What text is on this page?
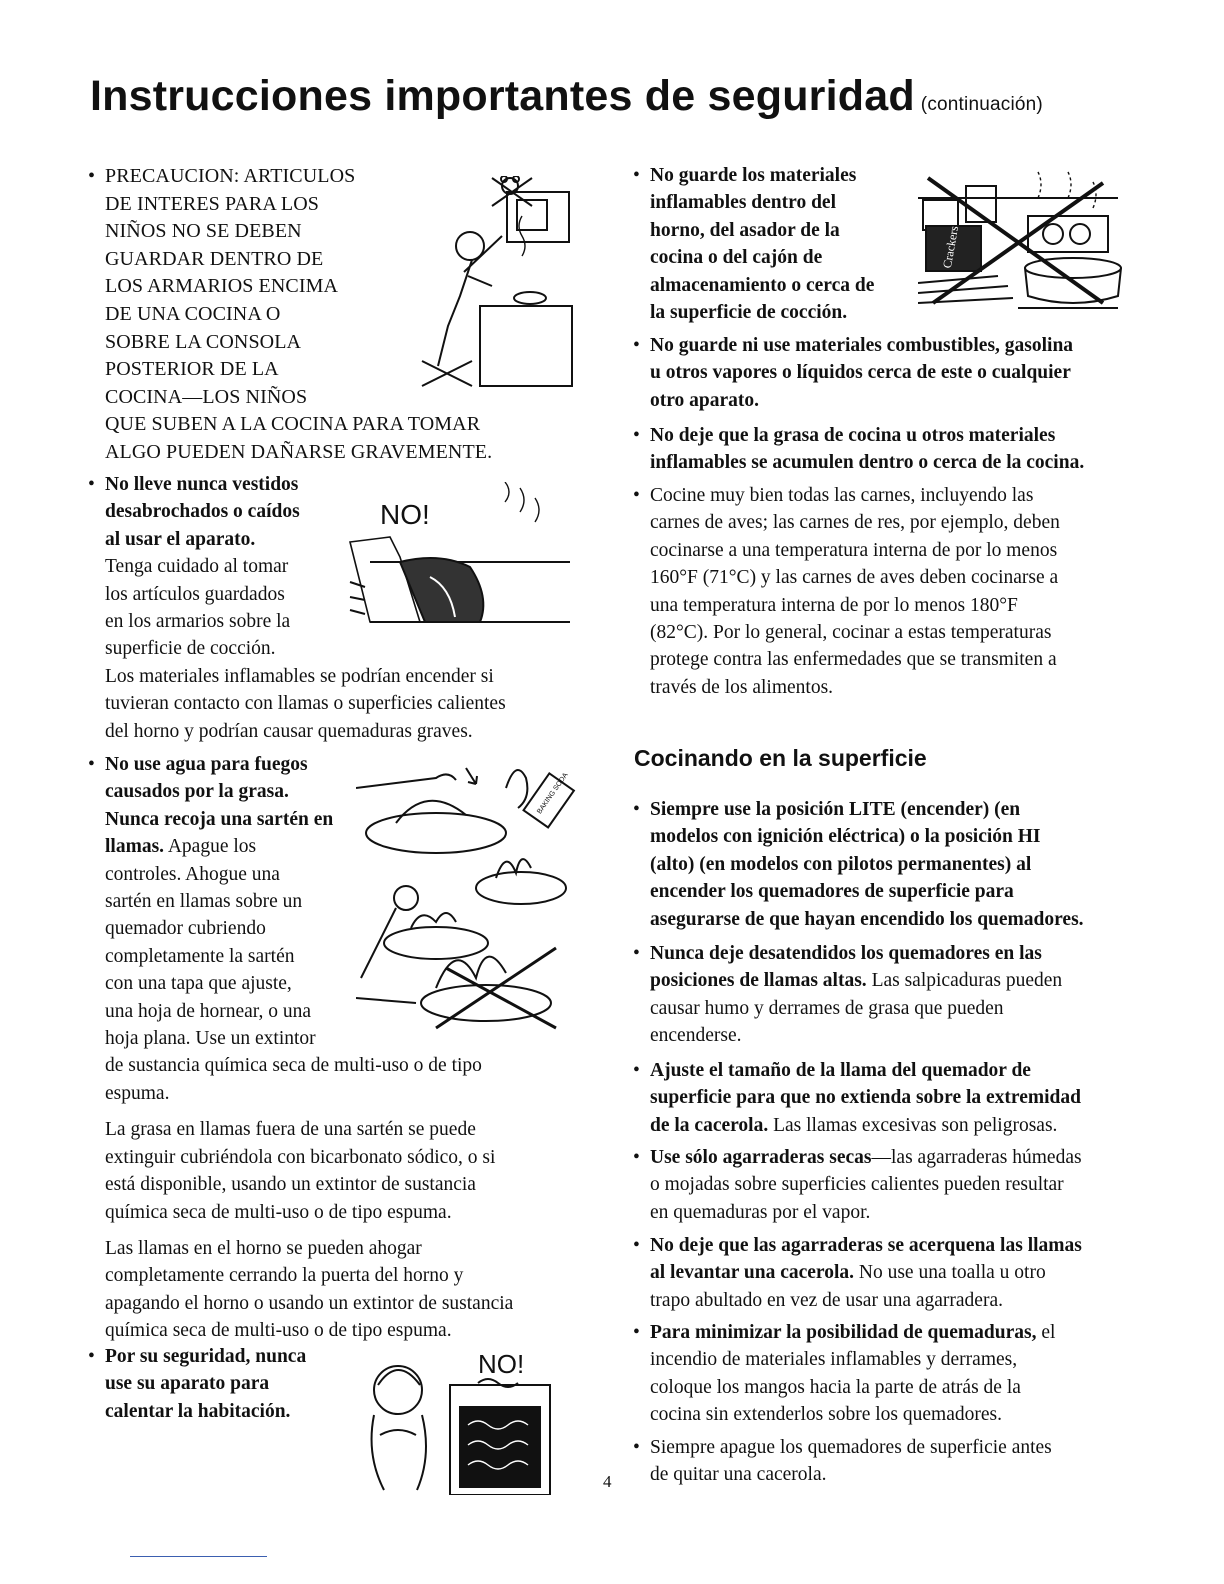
Instrucciones importantes de seguridad (continuación)

PRECAUCION: ARTICULOS

DE INTERES PARA LOS

NIÑOS NO SE DEBEN

GUARDAR DENTRO DE

LOS ARMARIOS ENCIMA

DE UNA COCINA O

SOBRE LA CONSOLA

POSTERIOR DE LA

COCINA—LOS NIÑOS

QUE SUBEN A LA COCINA PARA TOMAR

ALGO PUEDEN DAÑARSE GRAVEMENTE.

No lleve nunca vestidos

desabrochados o caídos

al usar el aparato.

Tenga cuidado al tomar

los artículos guardados

en los armarios sobre la

superficie de cocción.

Los materiales inflamables se podrían encender si

tuvieran contacto con llamas o superficies calientes

del horno y podrían causar quemaduras graves.

No use agua para fuegos

causados por la grasa.

Nunca recoja una sartén en

llamas. Apague los

controles. Ahogue una

sartén en llamas sobre un

quemador cubriendo

completamente la sartén

con una tapa que ajuste,

una hoja de hornear, o una

hoja plana. Use un extintor

de sustancia química seca de multi-uso o de tipo

espuma.

La grasa en llamas fuera de una sartén se puede

extinguir cubriéndola con bicarbonato sódico, o si

está disponible, usando un extintor de sustancia

química seca de multi-uso o de tipo espuma.

Las llamas en el horno se pueden ahogar

completamente cerrando la puerta del horno y

apagando el horno o usando un extintor de sustancia

química seca de multi-uso o de tipo espuma.

Por su seguridad, nunca

use su aparato para

calentar la habitación.

NO!
BAKING SODA
NO!

No guarde los materiales

inflamables dentro del

horno, del asador de la

cocina o del cajón de

almacenamiento o cerca de

la superficie de cocción.

No guarde ni use materiales combustibles, gasolina

u otros vapores o líquidos cerca de este o cualquier

otro aparato.

No deje que la grasa de cocina u otros materiales

inflamables se acumulen dentro o cerca de la cocina.

Cocine muy bien todas las carnes, incluyendo las

carnes de aves; las carnes de res, por ejemplo, deben

cocinarse a una temperatura interna de por lo menos

160°F (71°C) y las carnes de aves deben cocinarse a

una temperatura interna de por lo menos 180°F

(82°C). Por lo general, cocinar a estas temperaturas

protege contra las enfermedades que se transmiten a

través de los alimentos.

Siempre use la posición LITE (encender) (en

modelos con ignición eléctrica) o la posición HI

(alto) (en modelos con pilotos permanentes) al

encender los quemadores de superficie para

asegurarse de que hayan encendido los quemadores.

Nunca deje desatendidos los quemadores en las

posiciones de llamas altas. Las salpicaduras pueden

causar humo y derrames de grasa que pueden

encenderse.

Ajuste el tamaño de la llama del quemador de

superficie para que no extienda sobre la extremidad

de la cacerola. Las llamas excesivas son peligrosas.

Use sólo agarraderas secas—las agarraderas húmedas

o mojadas sobre superficies calientes pueden resultar

en quemaduras por el vapor.

No deje que las agarraderas se acerquena las llamas

al levantar una cacerola. No use una toalla u otro

trapo abultado en vez de usar una agarradera.

Para minimizar la posibilidad de quemaduras, el

incendio de materiales inflamables y derrames,

coloque los mangos hacia la parte de atrás de la

cocina sin extenderlos sobre los quemadores.

Siempre apague los quemadores de superficie antes

de quitar una cacerola.

Crackers
Cocinando en la superficie
4
